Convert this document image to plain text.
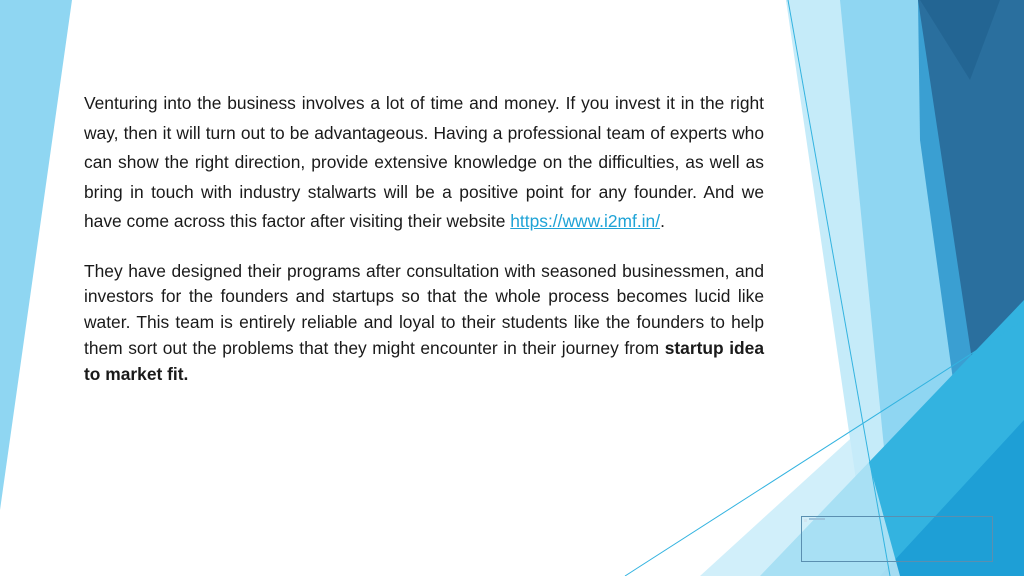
Venturing into the business involves a lot of time and money. If you invest it in the right way, then it will turn out to be advantageous. Having a professional team of experts who can show the right direction, provide extensive knowledge on the difficulties, as well as bring in touch with industry stalwarts will be a positive point for any founder. And we have come across this factor after visiting their website https://www.i2mf.in/.

They have designed their programs after consultation with seasoned businessmen, and investors for the founders and startups so that the whole process becomes lucid like water. This team is entirely reliable and loyal to their students like the founders to help them sort out the problems that they might encounter in their journey from startup idea to market fit.
